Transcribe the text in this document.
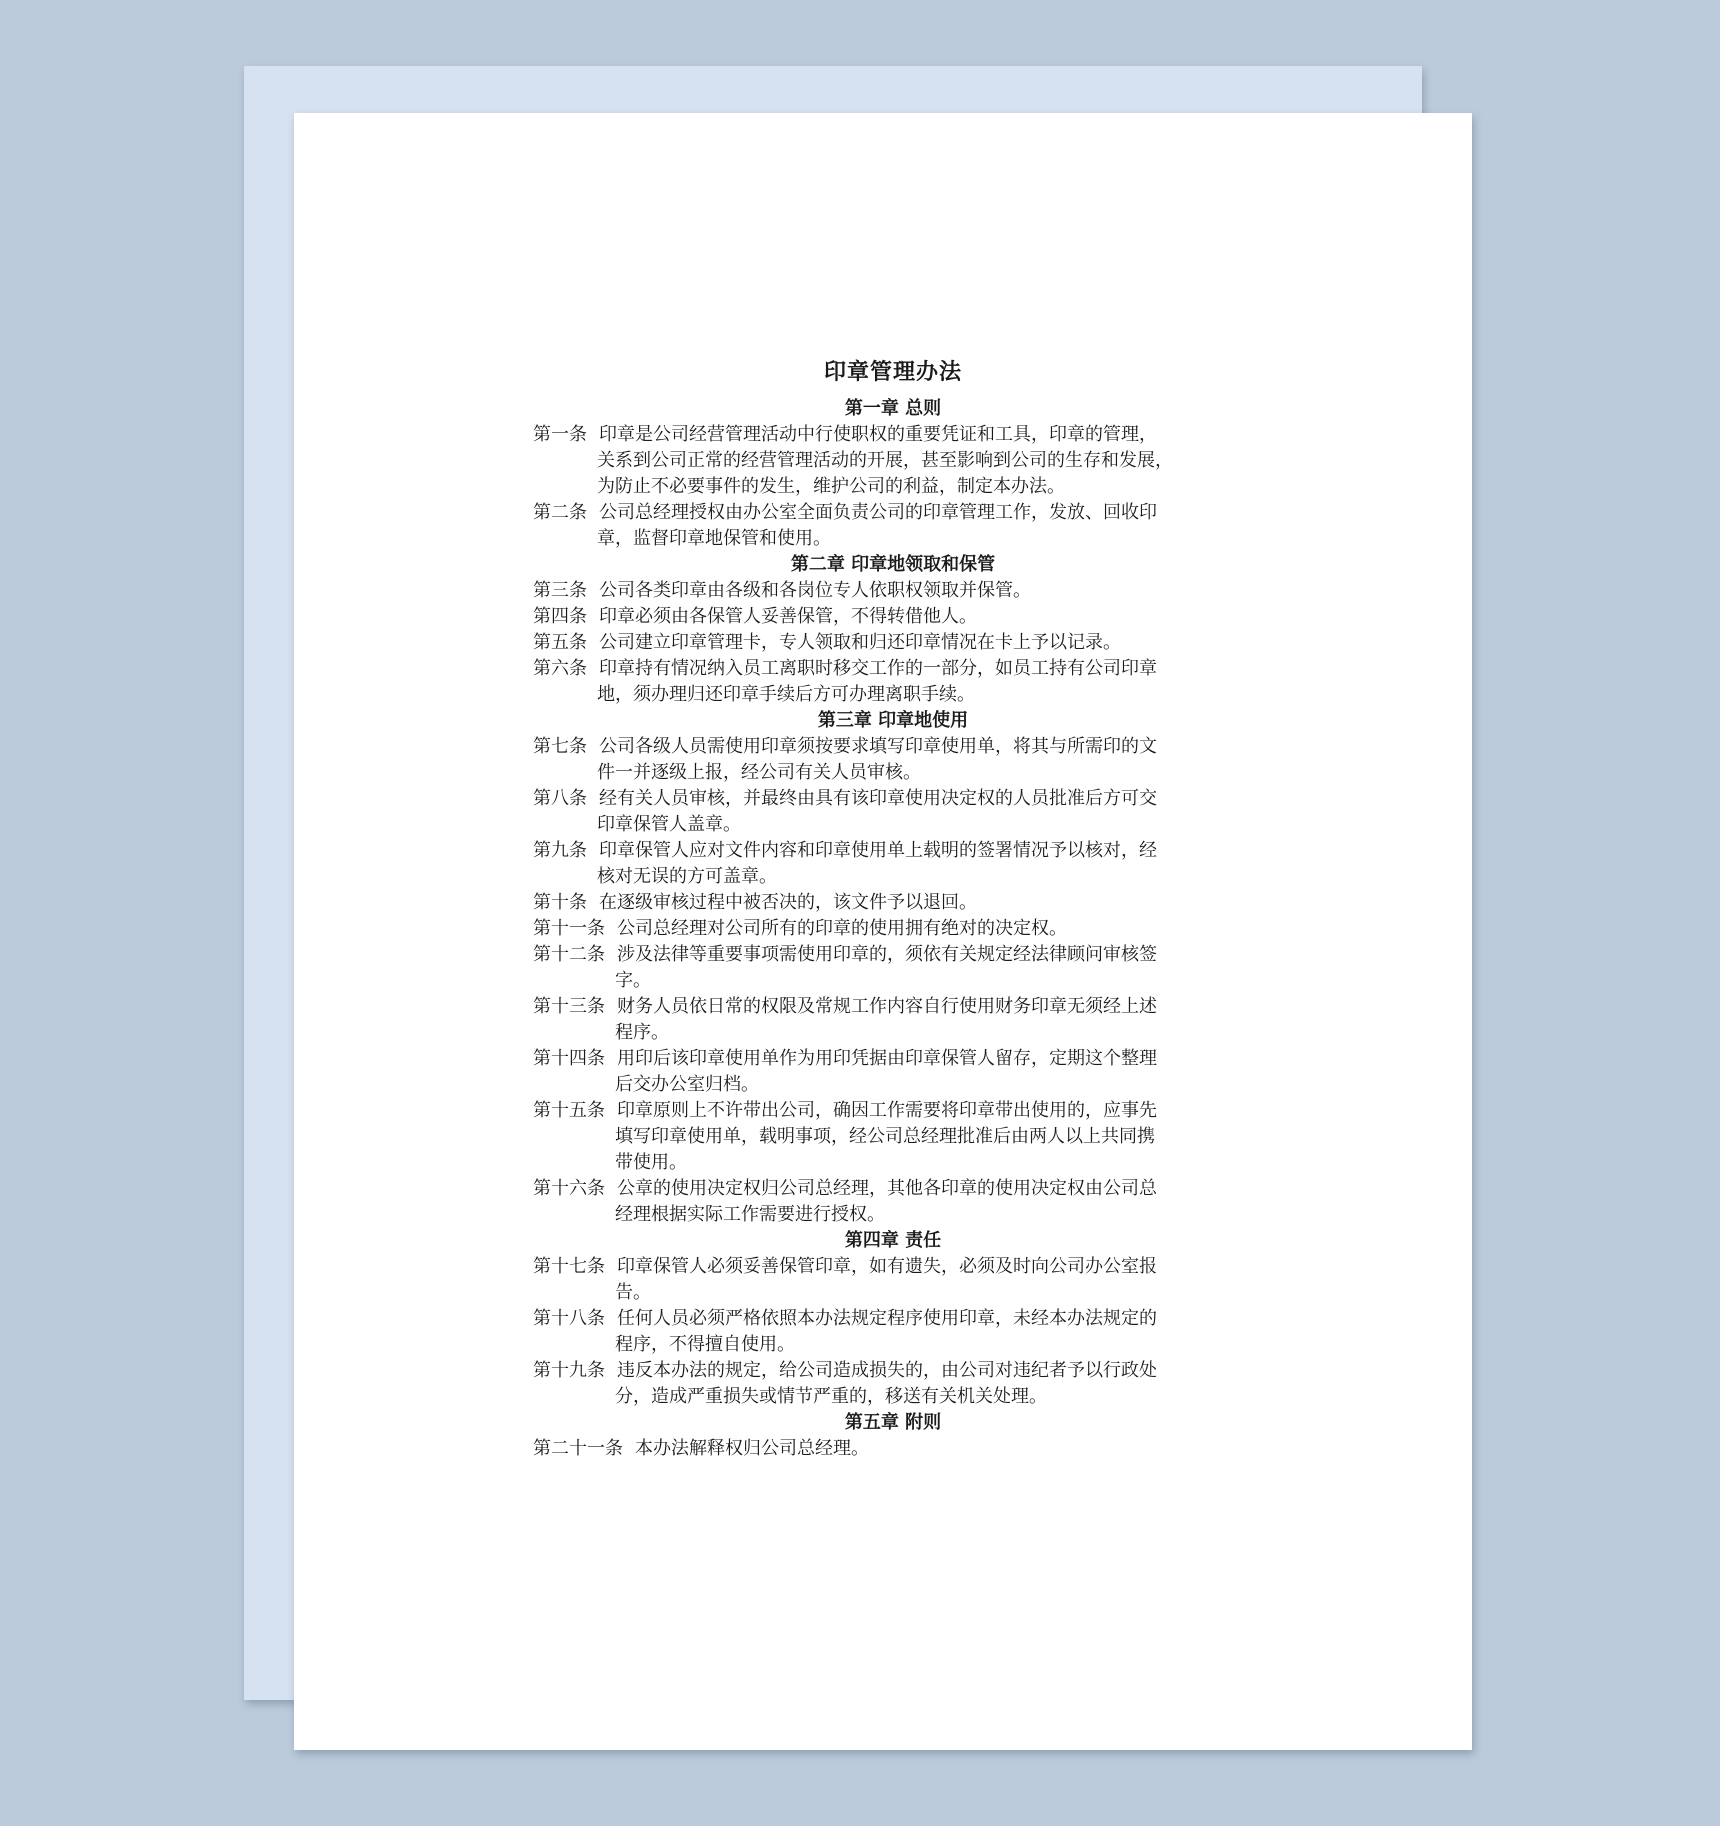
印章管理办法
第一章 总则
第一条 印章是公司经营管理活动中行使职权的重要凭证和工具，印章的管理，
关系到公司正常的经营管理活动的开展，甚至影响到公司的生存和发展，
为防止不必要事件的发生，维护公司的利益，制定本办法。
第二条 公司总经理授权由办公室全面负责公司的印章管理工作，发放、回收印
章，监督印章地保管和使用。
第二章 印章地领取和保管
第三条 公司各类印章由各级和各岗位专人依职权领取并保管。
第四条 印章必须由各保管人妥善保管，不得转借他人。
第五条 公司建立印章管理卡，专人领取和归还印章情况在卡上予以记录。
第六条 印章持有情况纳入员工离职时移交工作的一部分，如员工持有公司印章
地，须办理归还印章手续后方可办理离职手续。
第三章 印章地使用
第七条 公司各级人员需使用印章须按要求填写印章使用单，将其与所需印的文
件一并逐级上报，经公司有关人员审核。
第八条 经有关人员审核，并最终由具有该印章使用决定权的人员批准后方可交
印章保管人盖章。
第九条 印章保管人应对文件内容和印章使用单上载明的签署情况予以核对，经
核对无误的方可盖章。
第十条 在逐级审核过程中被否决的，该文件予以退回。
第十一条 公司总经理对公司所有的印章的使用拥有绝对的决定权。
第十二条 涉及法律等重要事项需使用印章的，须依有关规定经法律顾问审核签
字。
第十三条 财务人员依日常的权限及常规工作内容自行使用财务印章无须经上述
程序。
第十四条 用印后该印章使用单作为用印凭据由印章保管人留存，定期这个整理
后交办公室归档。
第十五条 印章原则上不许带出公司，确因工作需要将印章带出使用的，应事先
填写印章使用单，载明事项，经公司总经理批准后由两人以上共同携
带使用。
第十六条 公章的使用决定权归公司总经理，其他各印章的使用决定权由公司总
经理根据实际工作需要进行授权。
第四章 责任
第十七条 印章保管人必须妥善保管印章，如有遗失，必须及时向公司办公室报
告。
第十八条 任何人员必须严格依照本办法规定程序使用印章，未经本办法规定的
程序，不得擅自使用。
第十九条 违反本办法的规定，给公司造成损失的，由公司对违纪者予以行政处
分，造成严重损失或情节严重的，移送有关机关处理。
第五章 附则
第二十一条 本办法解释权归公司总经理。
